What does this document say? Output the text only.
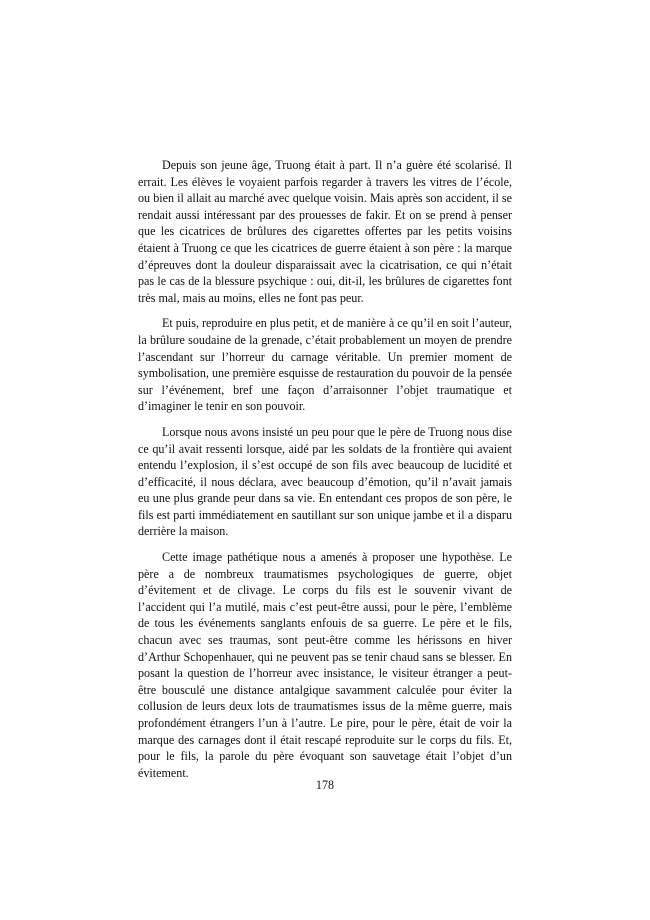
Depuis son jeune âge, Truong était à part. Il n’a guère été scolarisé. Il errait. Les élèves le voyaient parfois regarder à travers les vitres de l’école, ou bien il allait au marché avec quelque voisin. Mais après son accident, il se rendait aussi intéressant par des prouesses de fakir. Et on se prend à penser que les cicatrices de brûlures des cigarettes offertes par les petits voisins étaient à Truong ce que les cicatrices de guerre étaient à son père : la marque d’épreuves dont la douleur disparaissait avec la cicatrisation, ce qui n’était pas le cas de la blessure psychique : oui, dit-il, les brûlures de cigarettes font très mal, mais au moins, elles ne font pas peur.

Et puis, reproduire en plus petit, et de manière à ce qu’il en soit l’auteur, la brûlure soudaine de la grenade, c’était probablement un moyen de prendre l’ascendant sur l’horreur du carnage véritable. Un premier moment de symbolisation, une première esquisse de restauration du pouvoir de la pensée sur l’événement, bref une façon d’arraisonner l’objet traumatique et d’imaginer le tenir en son pouvoir.

Lorsque nous avons insisté un peu pour que le père de Truong nous dise ce qu’il avait ressenti lorsque, aidé par les soldats de la frontière qui avaient entendu l’explosion, il s’est occupé de son fils avec beaucoup de lucidité et d’efficacité, il nous déclara, avec beaucoup d’émotion, qu’il n’avait jamais eu une plus grande peur dans sa vie. En entendant ces propos de son père, le fils est parti immédiatement en sautillant sur son unique jambe et il a disparu derrière la maison.

Cette image pathétique nous a amenés à proposer une hypothèse. Le père a de nombreux traumatismes psychologiques de guerre, objet d’évitement et de clivage. Le corps du fils est le souvenir vivant de l’accident qui l’a mutilé, mais c’est peut-être aussi, pour le père, l’emblème de tous les événements sanglants enfouis de sa guerre. Le père et le fils, chacun avec ses traumas, sont peut-être comme les hérissons en hiver d’Arthur Schopenhauer, qui ne peuvent pas se tenir chaud sans se blesser. En posant la question de l’horreur avec insistance, le visiteur étranger a peut-être bousculé une distance antalgique savamment calculée pour éviter la collusion de leurs deux lots de traumatismes issus de la même guerre, mais profondément étrangers l’un à l’autre. Le pire, pour le père, était de voir la marque des carnages dont il était rescapé reproduite sur le corps du fils. Et, pour le fils, la parole du père évoquant son sauvetage était l’objet d’un évitement.

178
